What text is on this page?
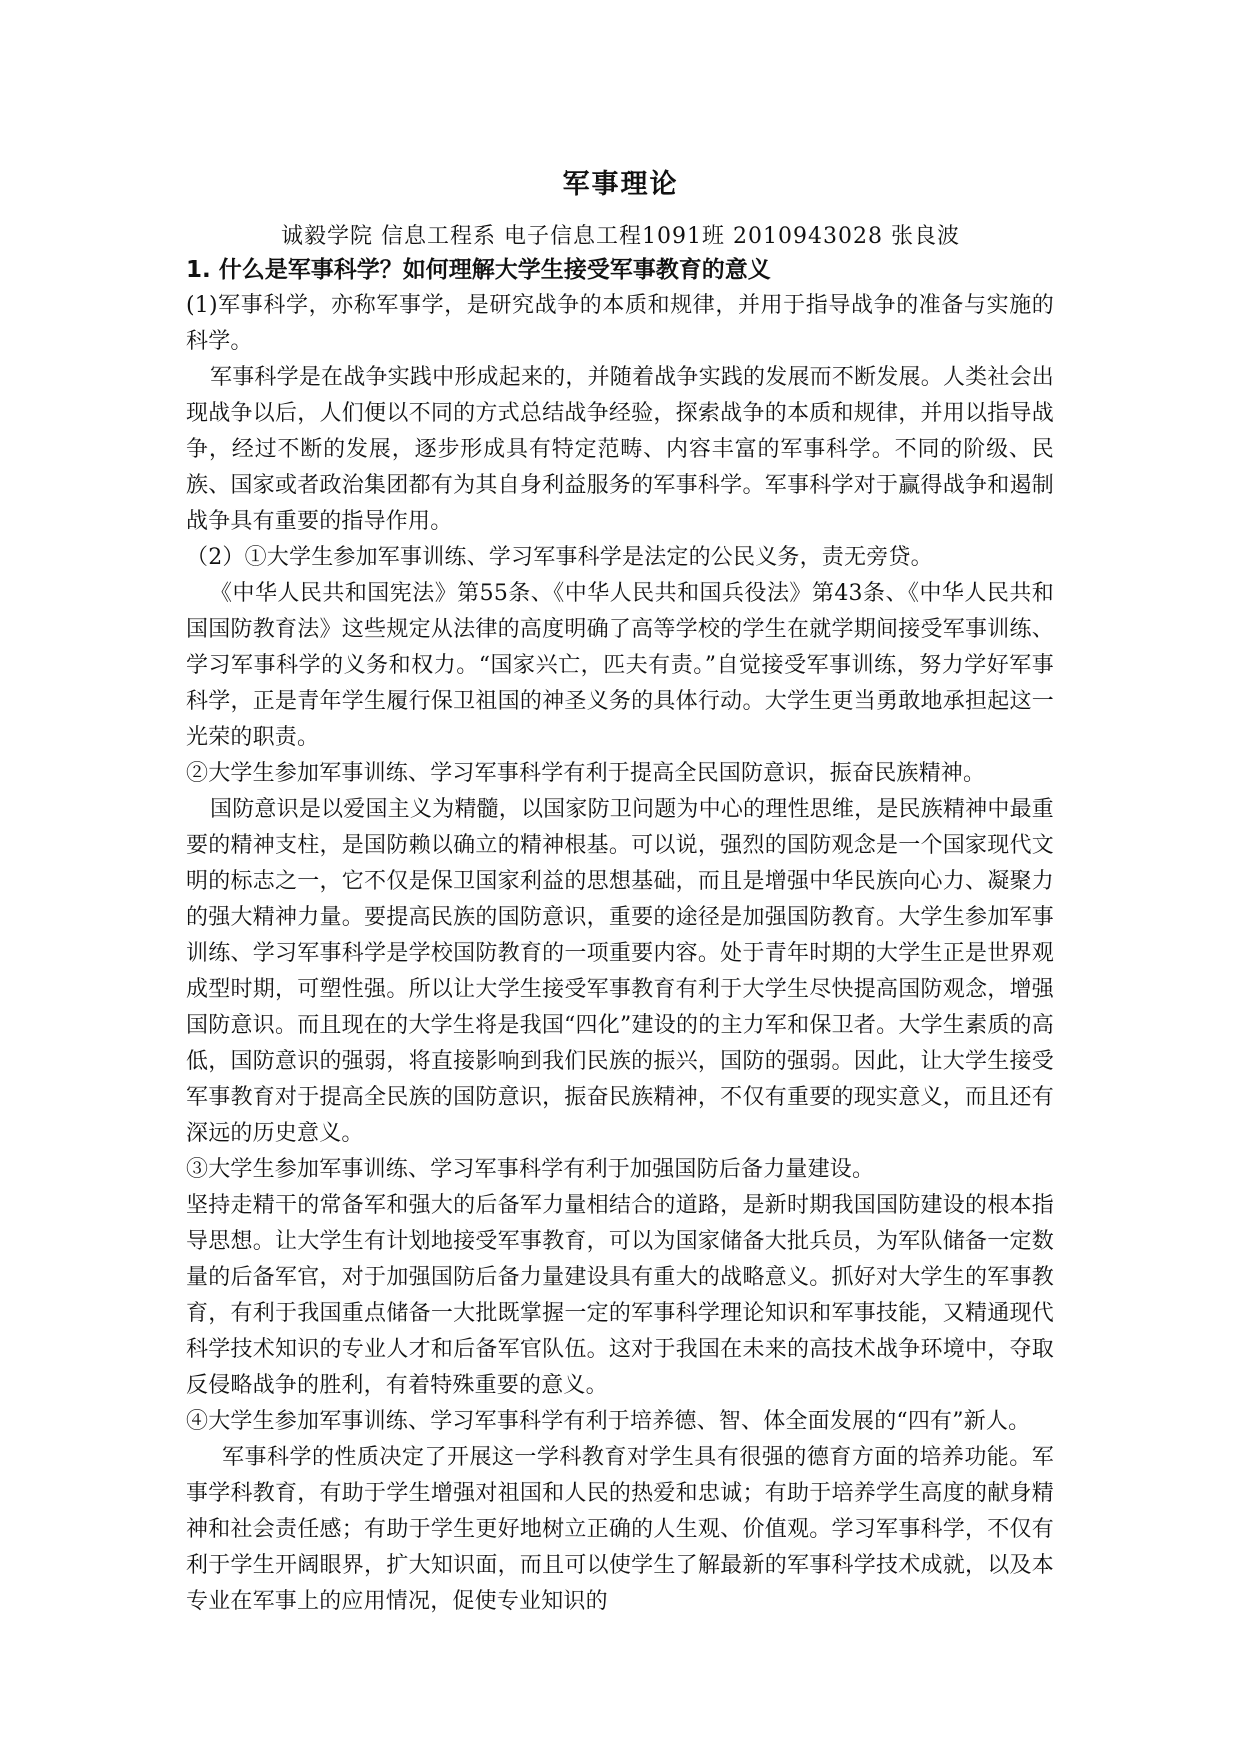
军事理论
诚毅学院 信息工程系 电子信息工程1091班 2010943028 张良波

1. 什么是军事科学？如何理解大学生接受军事教育的意义

(1)军事科学，亦称军事学，是研究战争的本质和规律，并用于指导战争的准备与实施的科学。

军事科学是在战争实践中形成起来的，并随着战争实践的发展而不断发展。人类社会出现战争以后，人们便以不同的方式总结战争经验，探索战争的本质和规律，并用以指导战争，经过不断的发展，逐步形成具有特定范畴、内容丰富的军事科学。不同的阶级、民族、国家或者政治集团都有为其自身利益服务的军事科学。军事科学对于赢得战争和遏制战争具有重要的指导作用。

（2）①大学生参加军事训练、学习军事科学是法定的公民义务，责无旁贷。

《中华人民共和国宪法》第55条、《中华人民共和国兵役法》第43条、《中华人民共和国国防教育法》这些规定从法律的高度明确了高等学校的学生在就学期间接受军事训练、学习军事科学的义务和权力。“国家兴亡，匹夫有责。”自觉接受军事训练，努力学好军事科学，正是青年学生履行保卫祖国的神圣义务的具体行动。大学生更当勇敢地承担起这一光荣的职责。

②大学生参加军事训练、学习军事科学有利于提高全民国防意识，振奋民族精神。

国防意识是以爱国主义为精髓，以国家防卫问题为中心的理性思维，是民族精神中最重要的精神支柱，是国防赖以确立的精神根基。可以说，强烈的国防观念是一个国家现代文明的标志之一，它不仅是保卫国家利益的思想基础，而且是增强中华民族向心力、凝聚力的强大精神力量。要提高民族的国防意识，重要的途径是加强国防教育。大学生参加军事训练、学习军事科学是学校国防教育的一项重要内容。处于青年时期的大学生正是世界观成型时期，可塑性强。所以让大学生接受军事教育有利于大学生尽快提高国防观念，增强国防意识。而且现在的大学生将是我国“四化”建设的的主力军和保卫者。大学生素质的高低，国防意识的强弱，将直接影响到我们民族的振兴，国防的强弱。因此，让大学生接受军事教育对于提高全民族的国防意识，振奋民族精神，不仅有重要的现实意义，而且还有深远的历史意义。

③大学生参加军事训练、学习军事科学有利于加强国防后备力量建设。

坚持走精干的常备军和强大的后备军力量相结合的道路，是新时期我国国防建设的根本指导思想。让大学生有计划地接受军事教育，可以为国家储备大批兵员，为军队储备一定数量的后备军官，对于加强国防后备力量建设具有重大的战略意义。抓好对大学生的军事教育，有利于我国重点储备一大批既掌握一定的军事科学理论知识和军事技能，又精通现代科学技术知识的专业人才和后备军官队伍。这对于我国在未来的高技术战争环境中，夺取反侵略战争的胜利，有着特殊重要的意义。

④大学生参加军事训练、学习军事科学有利于培养德、智、体全面发展的“四有”新人。

军事科学的性质决定了开展这一学科教育对学生具有很强的德育方面的培养功能。军事学科教育，有助于学生增强对祖国和人民的热爱和忠诚；有助于培养学生高度的献身精神和社会责任感；有助于学生更好地树立正确的人生观、价值观。学习军事科学，不仅有利于学生开阔眼界，扩大知识面，而且可以使学生了解最新的军事科学技术成就，以及本专业在军事上的应用情况，促使专业知识的
